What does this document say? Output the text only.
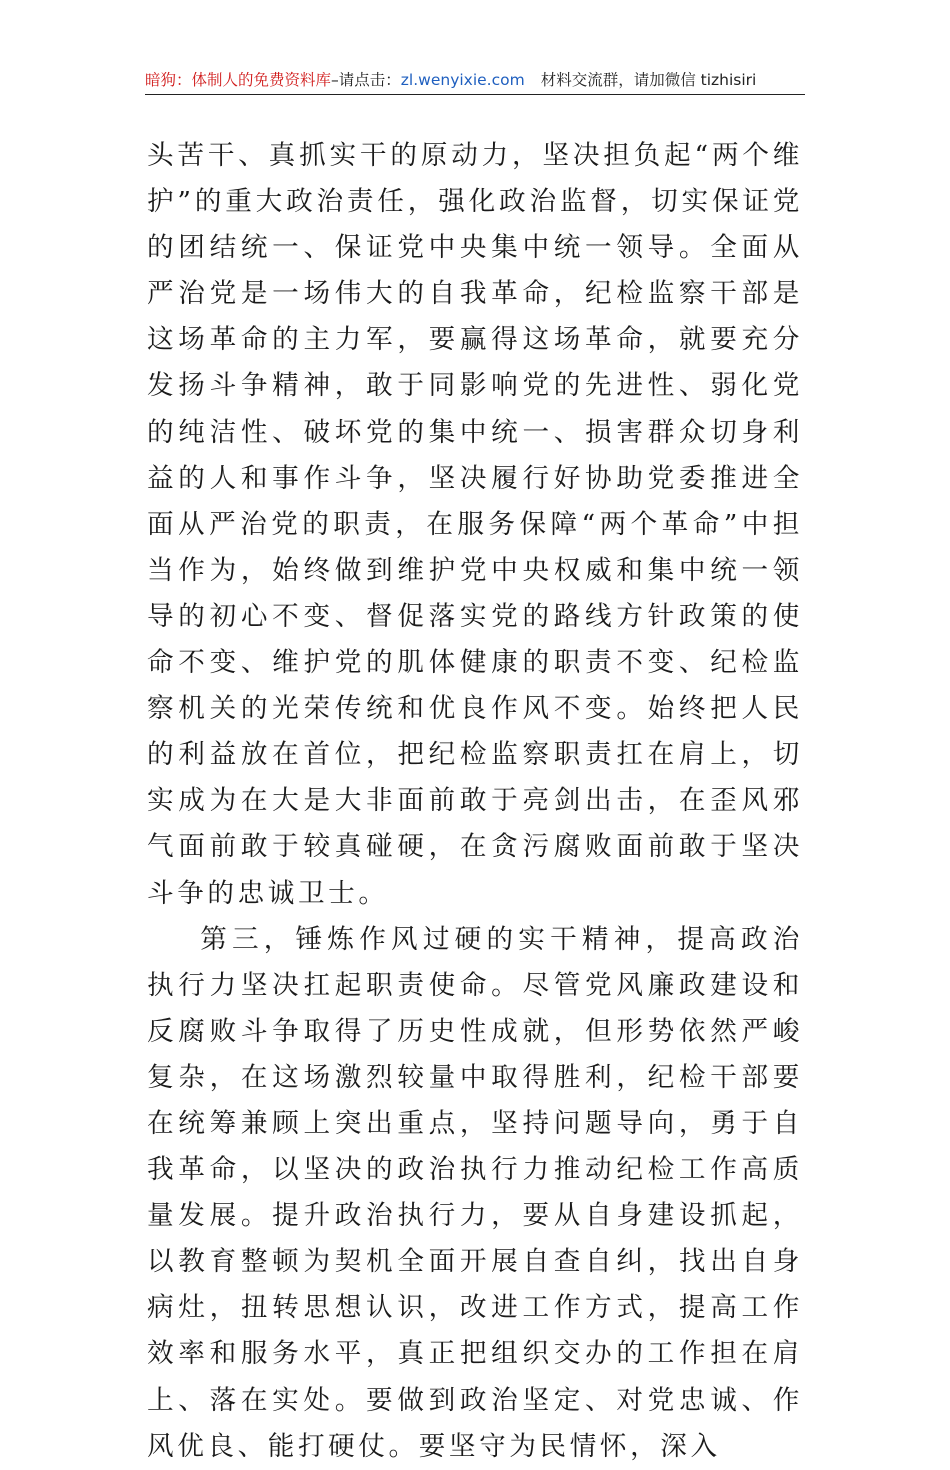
暗狗：体制人的免费资料库–请点击：zl.wenyixie.com 材料交流群，请加微信 tizhisiri

头苦干、真抓实干的原动力，坚决担负起“两个维护”的重大政治责任，强化政治监督，切实保证党的团结统一、保证党中央集中统一领导。全面从严治党是一场伟大的自我革命，纪检监察干部是这场革命的主力军，要赢得这场革命，就要充分发扬斗争精神，敢于同影响党的先进性、弱化党的纯洁性、破坏党的集中统一、损害群众切身利益的人和事作斗争，坚决履行好协助党委推进全面从严治党的职责，在服务保障“两个革命”中担当作为，始终做到维护党中央权威和集中统一领导的初心不变、督促落实党的路线方针政策的使命不变、维护党的肌体健康的职责不变、纪检监察机关的光荣传统和优良作风不变。始终把人民的利益放在首位，把纪检监察职责扛在肩上，切实成为在大是大非面前敢于亮剑出击，在歪风邪气面前敢于较真碰硬，在贪污腐败面前敢于坚决斗争的忠诚卫士。

第三，锤炼作风过硬的实干精神，提高政治执行力坚决扛起职责使命。尽管党风廉政建设和反腐败斗争取得了历史性成就，但形势依然严峻复杂，在这场激烈较量中取得胜利，纪检干部要在统筹兼顾上突出重点，坚持问题导向，勇于自我革命，以坚决的政治执行力推动纪检工作高质量发展。提升政治执行力，要从自身建设抓起，以教育整顿为契机全面开展自查自纠，找出自身病灶，扭转思想认识，改进工作方式，提高工作效率和服务水平，真正把组织交办的工作担在肩上、落在实处。要做到政治坚定、对党忠诚、作风优良、能打硬仗。要坚守为民情怀，深入
